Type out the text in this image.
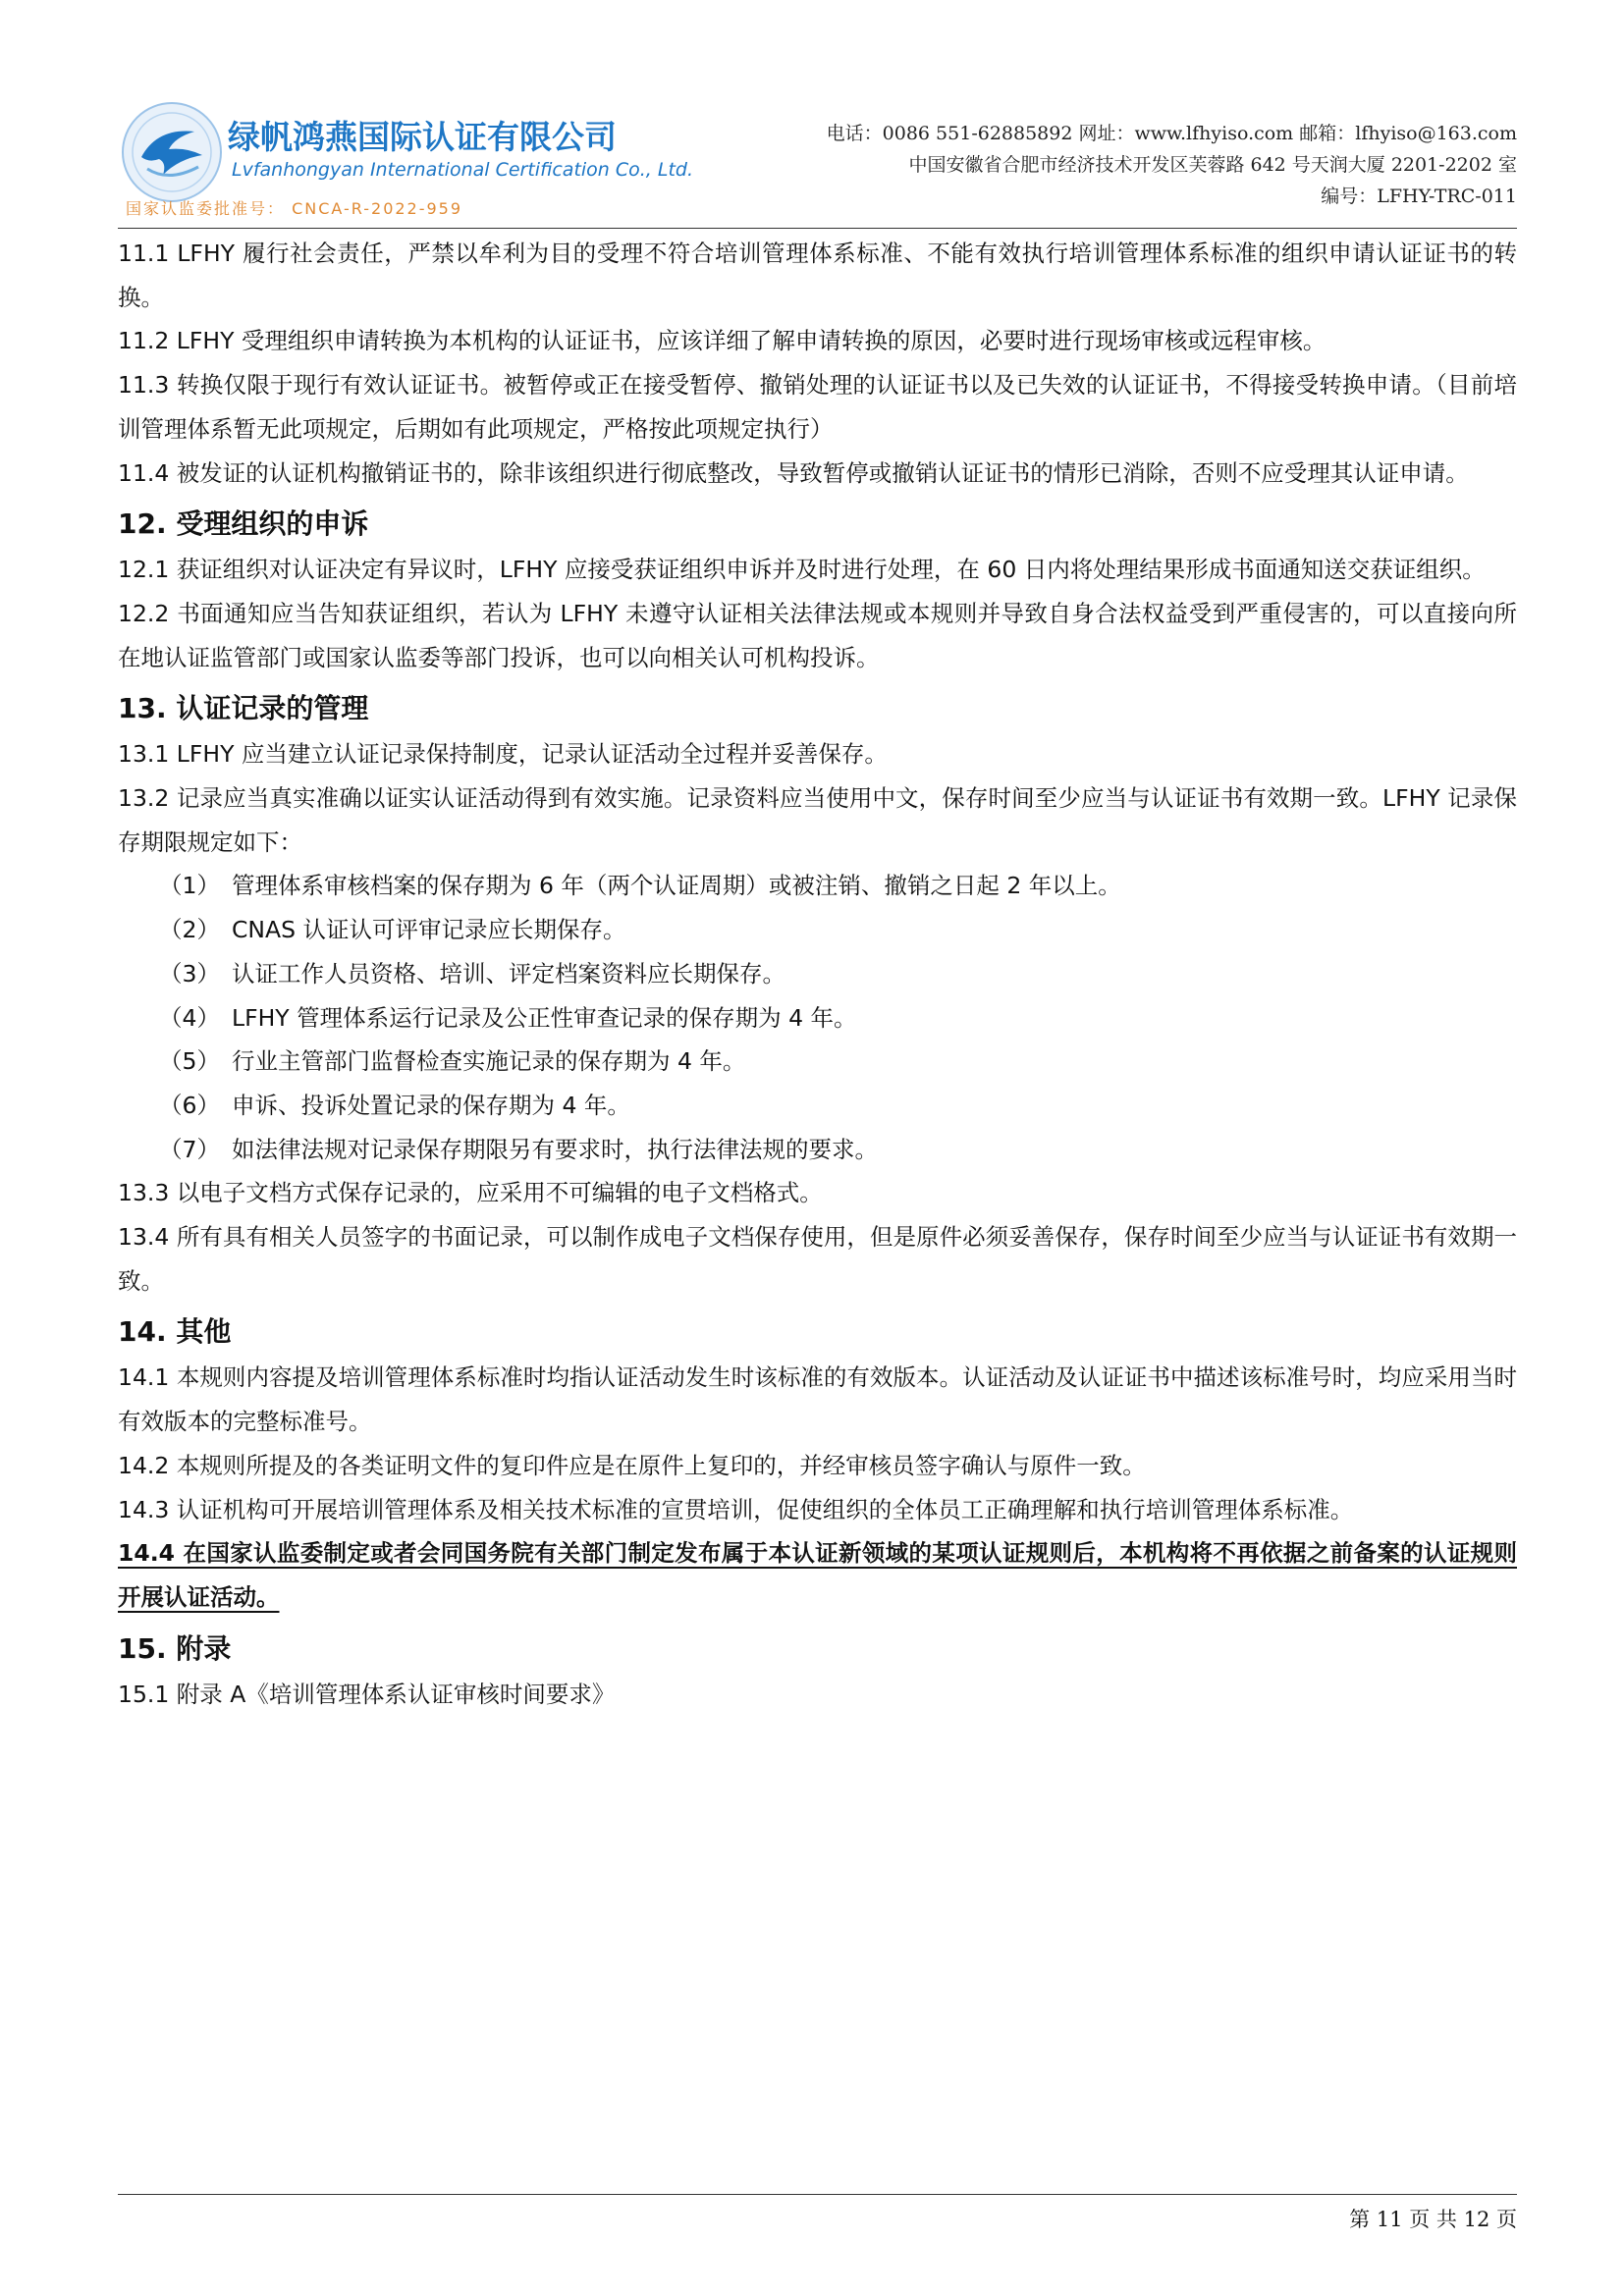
绿帆鸿燕国际认证有限公司
Lvfanhongyan International Certification Co., Ltd.
国家认监委批准号： CNCA-R-2022-959
电话：0086 551-62885892 网址：www.lfhyiso.com 邮箱：lfhyiso@163.com
中国安徽省合肥市经济技术开发区芙蓉路 642 号天润大厦 2201-2202 室
编号：LFHY-TRC-011

11.1 LFHY 履行社会责任，严禁以牟利为目的受理不符合培训管理体系标准、不能有效执行培训管理体系标准的组织申请认证证书的转换。

11.2 LFHY 受理组织申请转换为本机构的认证证书，应该详细了解申请转换的原因，必要时进行现场审核或远程审核。

11.3 转换仅限于现行有效认证证书。被暂停或正在接受暂停、撤销处理的认证证书以及已失效的认证证书，不得接受转换申请。（目前培训管理体系暂无此项规定，后期如有此项规定，严格按此项规定执行）

11.4 被发证的认证机构撤销证书的，除非该组织进行彻底整改，导致暂停或撤销认证证书的情形已消除，否则不应受理其认证申请。

12. 受理组织的申诉

12.1 获证组织对认证决定有异议时，LFHY 应接受获证组织申诉并及时进行处理，在 60 日内将处理结果形成书面通知送交获证组织。

12.2 书面通知应当告知获证组织，若认为 LFHY 未遵守认证相关法律法规或本规则并导致自身合法权益受到严重侵害的，可以直接向所在地认证监管部门或国家认监委等部门投诉，也可以向相关认可机构投诉。

13. 认证记录的管理

13.1 LFHY 应当建立认证记录保持制度，记录认证活动全过程并妥善保存。

13.2 记录应当真实准确以证实认证活动得到有效实施。记录资料应当使用中文，保存时间至少应当与认证证书有效期一致。LFHY 记录保存期限规定如下：

（1） 管理体系审核档案的保存期为 6 年（两个认证周期）或被注销、撤销之日起 2 年以上。

（2） CNAS 认证认可评审记录应长期保存。

（3） 认证工作人员资格、培训、评定档案资料应长期保存。

（4） LFHY 管理体系运行记录及公正性审查记录的保存期为 4 年。

（5） 行业主管部门监督检查实施记录的保存期为 4 年。

（6） 申诉、投诉处置记录的保存期为 4 年。

（7） 如法律法规对记录保存期限另有要求时，执行法律法规的要求。

13.3 以电子文档方式保存记录的，应采用不可编辑的电子文档格式。

13.4 所有具有相关人员签字的书面记录，可以制作成电子文档保存使用，但是原件必须妥善保存，保存时间至少应当与认证证书有效期一致。

14. 其他

14.1 本规则内容提及培训管理体系标准时均指认证活动发生时该标准的有效版本。认证活动及认证证书中描述该标准号时，均应采用当时有效版本的完整标准号。

14.2 本规则所提及的各类证明文件的复印件应是在原件上复印的，并经审核员签字确认与原件一致。

14.3 认证机构可开展培训管理体系及相关技术标准的宣贯培训，促使组织的全体员工正确理解和执行培训管理体系标准。

14.4 在国家认监委制定或者会同国务院有关部门制定发布属于本认证新领域的某项认证规则后，本机构将不再依据之前备案的认证规则开展认证活动。

15. 附录

15.1 附录 A《培训管理体系认证审核时间要求》

第 11 页 共 12 页
